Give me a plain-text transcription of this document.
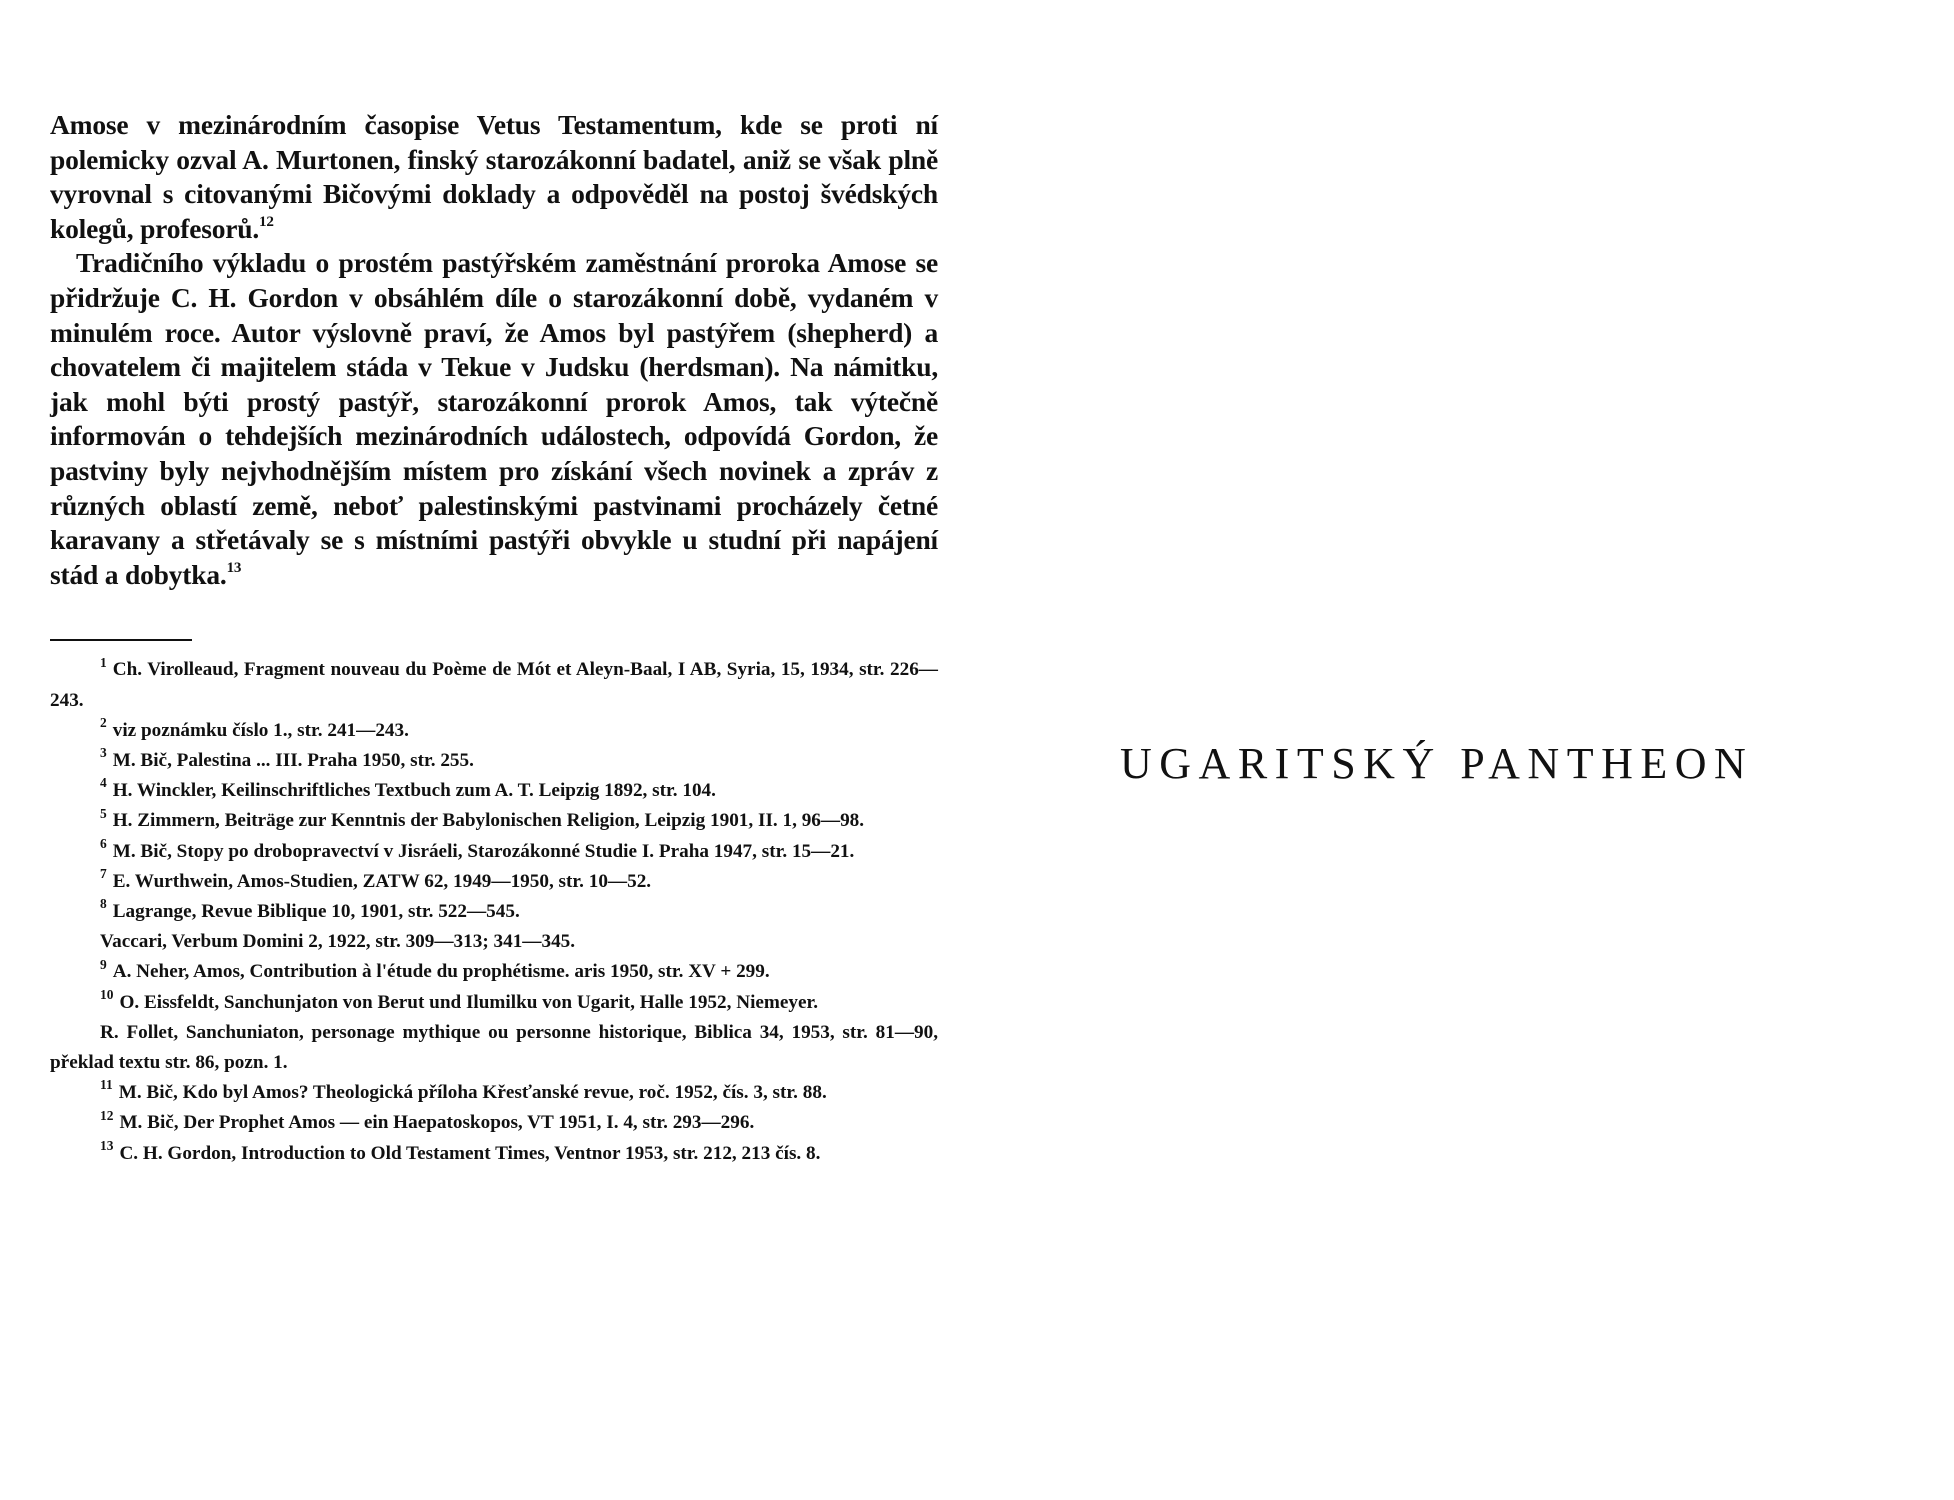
Amose v mezinárodním časopise Vetus Testamentum, kde se proti ní polemicky ozval A. Murtonen, finský starozákonní badatel, aniž se však plně vyrovnal s citovanými Bičovými doklady a odpověděl na postoj švédských kolegů, profesorů.$^{12}$

Tradičního výkladu o prostém pastýřském zaměstnání proroka Amose se přidržuje C. H. Gordon v obsáhlém díle o starozákonní době, vydaném v minulém roce. Autor výslovně praví, že Amos byl pastýřem (shepherd) a chovatelem či majitelem stáda v Tekue v Judsku (herdsman). Na námitku, jak mohl býti prostý pastýř, starozákonní prorok Amos, tak výtečně informován o tehdejších mezinárodních událostech, odpovídá Gordon, že pastviny byly nejvhodnějším místem pro získání všech novinek a zpráv z různých oblastí země, neboť palestinskými pastvinami procházely četné karavany a střetávaly se s místními pastýři obvykle u studní při napájení stád a dobytka.$^{13}$

$^1$ Ch. Virolleaud, Fragment nouveau du Poème de Mót et Aleyn-Baal, I AB, Syria, 15, 1934, str. 226—243.

$^2$ viz poznámku číslo 1., str. 241—243.

$^3$ M. Bič, Palestina ... III. Praha 1950, str. 255.

$^4$ H. Winckler, Keilinschriftliches Textbuch zum A. T. Leipzig 1892, str. 104.

$^5$ H. Zimmern, Beiträge zur Kenntnis der Babylonischen Religion, Leipzig 1901, II. 1, 96—98.

$^6$ M. Bič, Stopy po drobopravectví v Jisráeli, Starozákonné Studie I. Praha 1947, str. 15—21.

$^7$ E. Wurthwein, Amos-Studien, ZATW 62, 1949—1950, str. 10—52.

$^8$ Lagrange, Revue Biblique 10, 1901, str. 522—545.

Vaccari, Verbum Domini 2, 1922, str. 309—313; 341—345.

$^9$ A. Neher, Amos, Contribution à l'étude du prophétisme. aris 1950, str. XV + 299.

$^{10}$ O. Eissfeldt, Sanchunjaton von Berut und Ilumilku von Ugarit, Halle 1952, Niemeyer.

R. Follet, Sanchuniaton, personage mythique ou personne historique, Biblica 34, 1953, str. 81—90, překlad textu str. 86, pozn. 1.

$^{11}$ M. Bič, Kdo byl Amos? Theologická příloha Křesťanské revue, roč. 1952, čís. 3, str. 88.

$^{12}$ M. Bič, Der Prophet Amos — ein Haepatoskopos, VT 1951, I. 4, str. 293—296.

$^{13}$ C. H. Gordon, Introduction to Old Testament Times, Ventnor 1953, str. 212, 213 čís. 8.

UGARITSKÝ PANTHEON
